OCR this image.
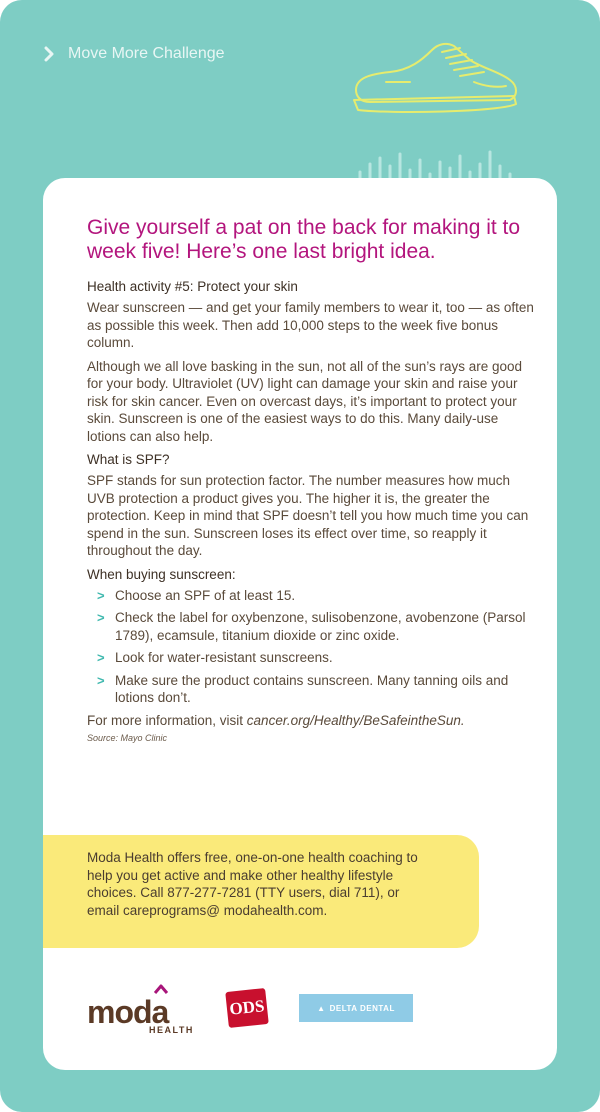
Move More Challenge
Give yourself a pat on the back for making it to week five! Here’s one last bright idea.

Health activity #5: Protect your skin

Wear sunscreen — and get your family members to wear it, too — as often as possible this week. Then add 10,000 steps to the week five bonus column.

Although we all love basking in the sun, not all of the sun’s rays are good for your body. Ultraviolet (UV) light can damage your skin and raise your risk for skin cancer. Even on overcast days, it’s important to protect your skin. Sunscreen is one of the easiest ways to do this. Many daily-use lotions can also help.

What is SPF?

SPF stands for sun protection factor. The number measures how much UVB protection a product gives you. The higher it is, the greater the protection. Keep in mind that SPF doesn’t tell you how much time you can spend in the sun. Sunscreen loses its effect over time, so reapply it throughout the day.

When buying sunscreen:

> Choose an SPF of at least 15.
> Check the label for oxybenzone, sulisobenzone, avobenzone (Parsol 1789), ecamsule, titanium dioxide or zinc oxide.
> Look for water-resistant sunscreens.
> Make sure the product contains sunscreen. Many tanning oils and lotions don’t.

For more information, visit cancer.org/Healthy/BeSafeintheSun.

Source: Mayo Clinic

Moda Health offers free, one-on-one health coaching to help you get active and make other healthy lifestyle choices. Call 877-277-7281 (TTY users, dial 711), or email careprograms@ modahealth.com.

moda
HEALTH
ODS	▲ DELTA DENTAL
